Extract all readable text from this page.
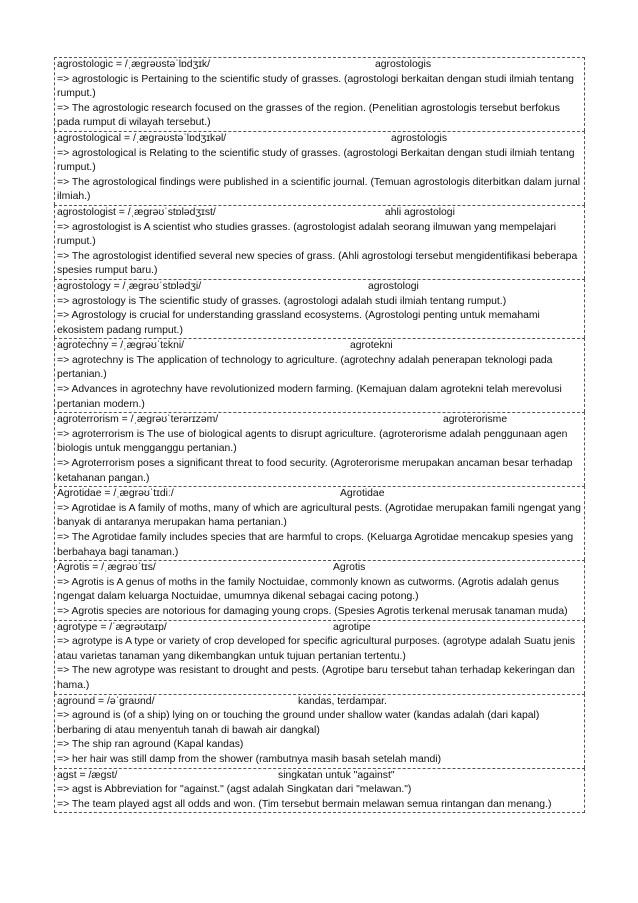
agrostologic = /ˌæɡrəʊstəˈlɒdʒɪk/	agrostologis
=> agrostologic is Pertaining to the scientific study of grasses. (agrostologi berkaitan dengan studi ilmiah tentang rumput.)
=> The agrostologic research focused on the grasses of the region. (Penelitian agrostologis tersebut berfokus pada rumput di wilayah tersebut.)
agrostological = /ˌæɡrəʊstəˈlɒdʒɪkəl/	agrostologis
=> agrostological is Relating to the scientific study of grasses. (agrostologi Berkaitan dengan studi ilmiah tentang rumput.)
=> The agrostological findings were published in a scientific journal. (Temuan agrostologis diterbitkan dalam jurnal ilmiah.)
agrostologist = /ˌæɡrəʊˈstɒlədʒɪst/	ahli agrostologi
=> agrostologist is A scientist who studies grasses. (agrostologist adalah seorang ilmuwan yang mempelajari rumput.)
=> The agrostologist identified several new species of grass. (Ahli agrostologi tersebut mengidentifikasi beberapa spesies rumput baru.)
agrostology = /ˌæɡrəʊˈstɒlədʒi/	agrostologi
=> agrostology is The scientific study of grasses. (agrostologi adalah studi ilmiah tentang rumput.)
=> Agrostology is crucial for understanding grassland ecosystems. (Agrostologi penting untuk memahami ekosistem padang rumput.)
agrotechny = /ˌæɡrəʊˈtɛkni/	agrotekni
=> agrotechny is The application of technology to agriculture. (agrotechny adalah penerapan teknologi pada pertanian.)
=> Advances in agrotechny have revolutionized modern farming. (Kemajuan dalam agrotekni telah merevolusi pertanian modern.)
agroterrorism = /ˌæɡrəʊˈterərɪzəm/	agroterorisme
=> agroterrorism is The use of biological agents to disrupt agriculture. (agroterorisme adalah penggunaan agen biologis untuk mengganggu pertanian.)
=> Agroterrorism poses a significant threat to food security. (Agroterorisme merupakan ancaman besar terhadap ketahanan pangan.)
Agrotidae = /ˌæɡrəʊˈtɪdiː/	Agrotidae
=> Agrotidae is A family of moths, many of which are agricultural pests. (Agrotidae merupakan famili ngengat yang banyak di antaranya merupakan hama pertanian.)
=> The Agrotidae family includes species that are harmful to crops. (Keluarga Agrotidae mencakup spesies yang berbahaya bagi tanaman.)
Agrotis = /ˌæɡrəʊˈtɪs/	Agrotis
=> Agrotis is A genus of moths in the family Noctuidae, commonly known as cutworms. (Agrotis adalah genus ngengat dalam keluarga Noctuidae, umumnya dikenal sebagai cacing potong.)
=> Agrotis species are notorious for damaging young crops. (Spesies Agrotis terkenal merusak tanaman muda)
agrotype = /ˈæɡrəʊtaɪp/	agrotipe
=> agrotype is A type or variety of crop developed for specific agricultural purposes. (agrotype adalah Suatu jenis atau varietas tanaman yang dikembangkan untuk tujuan pertanian tertentu.)
=> The new agrotype was resistant to drought and pests. (Agrotipe baru tersebut tahan terhadap kekeringan dan hama.)
aground = /əˈɡraʊnd/	kandas, terdampar.
=> aground is (of a ship) lying on or touching the ground under shallow water (kandas adalah (dari kapal) berbaring di atau menyentuh tanah di bawah air dangkal)
=> The ship ran aground (Kapal kandas)
=> her hair was still damp from the shower (rambutnya masih basah setelah mandi)
agst = /ægst/	singkatan untuk "against"
=> agst is Abbreviation for "against." (agst adalah Singkatan dari "melawan.")
=> The team played agst all odds and won. (Tim tersebut bermain melawan semua rintangan dan menang.)
